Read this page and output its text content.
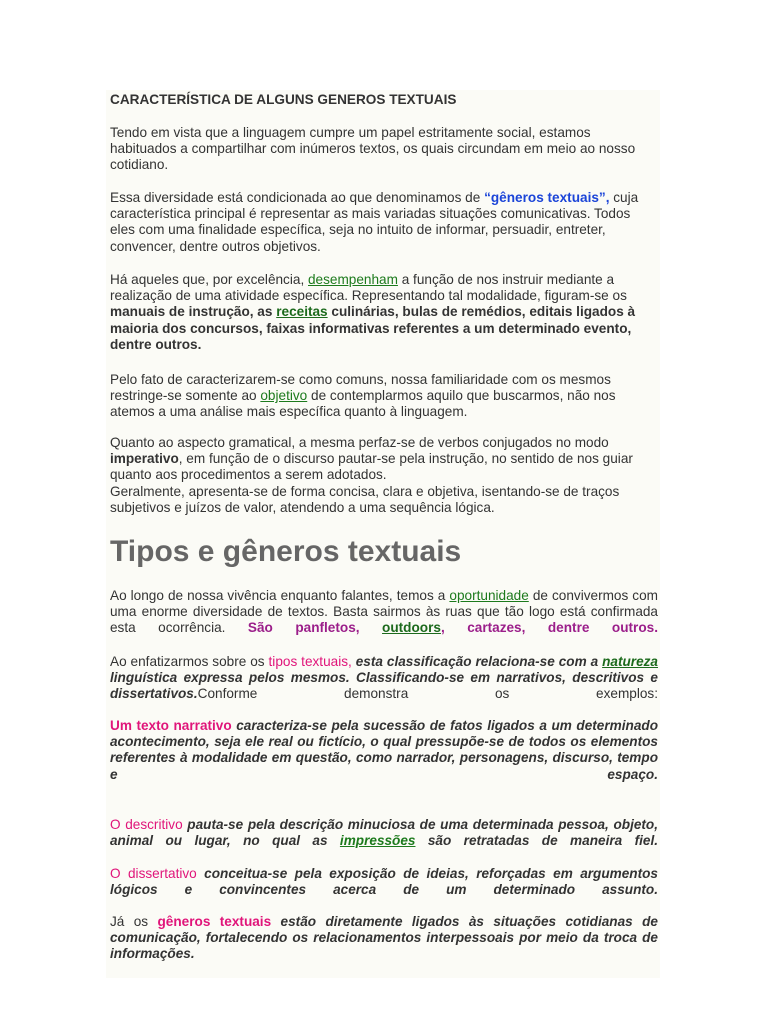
CARACTERÍSTICA DE ALGUNS GENEROS TEXTUAIS

Tendo em vista que a linguagem cumpre um papel estritamente social, estamos habituados a compartilhar com inúmeros textos, os quais circundam em meio ao nosso cotidiano.

Essa diversidade está condicionada ao que denominamos de “gêneros textuais”, cuja característica principal é representar as mais variadas situações comunicativas. Todos eles com uma finalidade específica, seja no intuito de informar, persuadir, entreter, convencer, dentre outros objetivos.

Há aqueles que, por excelência, desempenham a função de nos instruir mediante a realização de uma atividade específica. Representando tal modalidade, figuram-se os manuais de instrução, as receitas culinárias, bulas de remédios, editais ligados à maioria dos concursos, faixas informativas referentes a um determinado evento, dentre outros.

Pelo fato de caracterizarem-se como comuns, nossa familiaridade com os mesmos restringe-se somente ao objetivo de contemplarmos aquilo que buscarmos, não nos atemos a uma análise mais específica quanto à linguagem.

Quanto ao aspecto gramatical, a mesma perfaz-se de verbos conjugados no modo imperativo, em função de o discurso pautar-se pela instrução, no sentido de nos guiar quanto aos procedimentos a serem adotados.
Geralmente, apresenta-se de forma concisa, clara e objetiva, isentando-se de traços subjetivos e juízos de valor, atendendo a uma sequência lógica.

Tipos e gêneros textuais

Ao longo de nossa vivência enquanto falantes, temos a oportunidade de convivermos com uma enorme diversidade de textos. Basta sairmos às ruas que tão logo está confirmada esta ocorrência. São panfletos, outdoors, cartazes, dentre outros.

Ao enfatizarmos sobre os tipos textuais, esta classificação relaciona-se com a natureza linguística expressa pelos mesmos. Classificando-se em narrativos, descritivos e dissertativos.Conforme demonstra os exemplos:

Um texto narrativo caracteriza-se pela sucessão de fatos ligados a um determinado acontecimento, seja ele real ou fictício, o qual pressupõe-se de todos os elementos referentes à modalidade em questão, como narrador, personagens, discurso, tempo e espaço.

O descritivo pauta-se pela descrição minuciosa de uma determinada pessoa, objeto, animal ou lugar, no qual as impressões são retratadas de maneira fiel.

O dissertativo conceitua-se pela exposição de ideias, reforçadas em argumentos lógicos e convincentes acerca de um determinado assunto.

Já os gêneros textuais estão diretamente ligados às situações cotidianas de comunicação, fortalecendo os relacionamentos interpessoais por meio da troca de informações.
